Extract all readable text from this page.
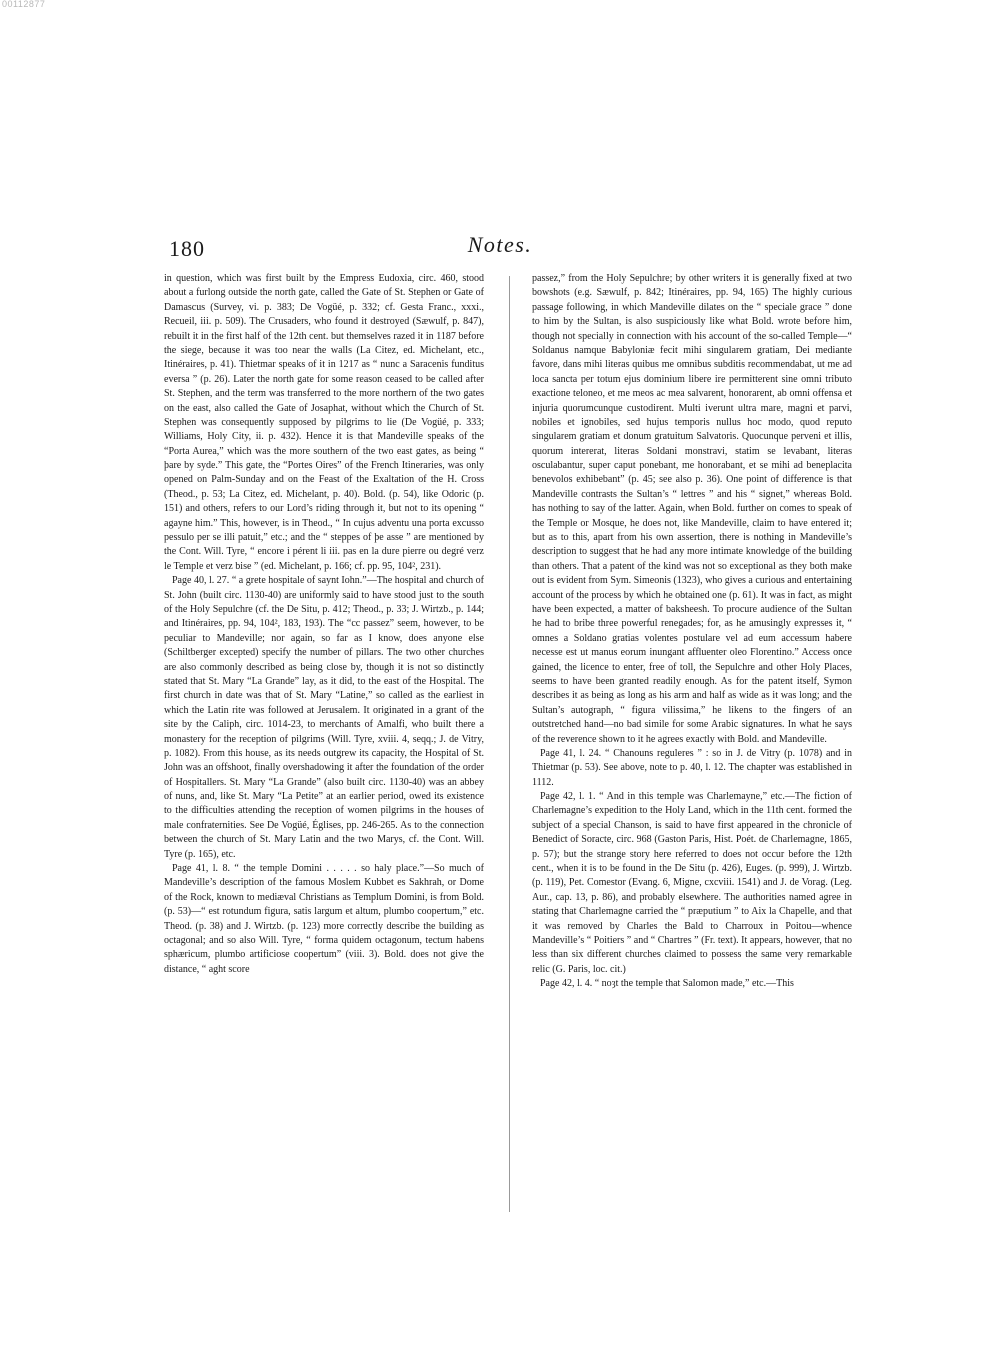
00112877
180	Notes.

in question, which was first built by the Empress Eudoxia, circ. 460, stood about a furlong outside the north gate, called the Gate of St. Stephen or Gate of Damascus (Survey, vi. p. 383; De Vogüé, p. 332; cf. Gesta Franc., xxxi., Recueil, iii. p. 509). The Crusaders, who found it destroyed (Sæwulf, p. 847), rebuilt it in the first half of the 12th cent. but themselves razed it in 1187 before the siege, because it was too near the walls (La Citez, ed. Michelant, etc., Itinéraires, p. 41). Thietmar speaks of it in 1217 as “ nunc a Saracenis funditus eversa ” (p. 26). Later the north gate for some reason ceased to be called after St. Stephen, and the term was transferred to the more northern of the two gates on the east, also called the Gate of Josaphat, without which the Church of St. Stephen was consequently supposed by pilgrims to lie (De Vogüé, p. 333; Williams, Holy City, ii. p. 432). Hence it is that Mandeville speaks of the “Porta Aurea,” which was the more southern of the two east gates, as being “ þare by syde.” This gate, the “Portes Oires” of the French Itineraries, was only opened on Palm-Sunday and on the Feast of the Exaltation of the H. Cross (Theod., p. 53; La Citez, ed. Michelant, p. 40). Bold. (p. 54), like Odoric (p. 151) and others, refers to our Lord’s riding through it, but not to its opening “ agayne him.” This, however, is in Theod., “ In cujus adventu una porta excusso pessulo per se illi patuit,” etc.; and the “ steppes of þe asse ” are mentioned by the Cont. Will. Tyre, “ encore i pérent li iii. pas en la dure pierre ou degré verz le Temple et verz bise ” (ed. Michelant, p. 166; cf. pp. 95, 104², 231).

Page 40, l. 27. “ a grete hospitale of saynt Iohn.”—The hospital and church of St. John (built circ. 1130-40) are uniformly said to have stood just to the south of the Holy Sepulchre (cf. the De Situ, p. 412; Theod., p. 33; J. Wirtzb., p. 144; and Itinéraires, pp. 94, 104², 183, 193). The “cc passez” seem, however, to be peculiar to Mandeville; nor again, so far as I know, does anyone else (Schiltberger excepted) specify the number of pillars. The two other churches are also commonly described as being close by, though it is not so distinctly stated that St. Mary “La Grande” lay, as it did, to the east of the Hospital. The first church in date was that of St. Mary “Latine,” so called as the earliest in which the Latin rite was followed at Jerusalem. It originated in a grant of the site by the Caliph, circ. 1014-23, to merchants of Amalfi, who built there a monastery for the reception of pilgrims (Will. Tyre, xviii. 4, seqq.; J. de Vitry, p. 1082). From this house, as its needs outgrew its capacity, the Hospital of St. John was an offshoot, finally overshadowing it after the foundation of the order of Hospitallers. St. Mary “La Grande” (also built circ. 1130-40) was an abbey of nuns, and, like St. Mary “La Petite” at an earlier period, owed its existence to the difficulties attending the reception of women pilgrims in the houses of male confraternities. See De Vogüé, Églises, pp. 246-265. As to the connection between the church of St. Mary Latin and the two Marys, cf. the Cont. Will. Tyre (p. 165), etc.

Page 41, l. 8. “ the temple Domini . . . . . so haly place.”—So much of Mandeville’s description of the famous Moslem Kubbet es Sakhrah, or Dome of the Rock, known to mediæval Christians as Templum Domini, is from Bold. (p. 53)—“ est rotundum figura, satis largum et altum, plumbo coopertum,” etc. Theod. (p. 38) and J. Wirtzb. (p. 123) more correctly describe the building as octagonal; and so also Will. Tyre, “ forma quidem octagonum, tectum habens sphæricum, plumbo artificiose coopertum” (viii. 3). Bold. does not give the distance, “ aght score

passez,” from the Holy Sepulchre; by other writers it is generally fixed at two bowshots (e.g. Sæwulf, p. 842; Itinéraires, pp. 94, 165) The highly curious passage following, in which Mandeville dilates on the “ speciale grace ” done to him by the Sultan, is also suspiciously like what Bold. wrote before him, though not specially in connection with his account of the so-called Temple—“ Soldanus namque Babyloniæ fecit mihi singularem gratiam, Dei mediante favore, dans mihi literas quibus me omnibus subditis recommendabat, ut me ad loca sancta per totum ejus dominium libere ire permitterent sine omni tributo exactione teloneo, et me meos ac mea salvarent, honorarent, ab omni offensa et injuria quorumcunque custodirent. Multi iverunt ultra mare, magni et parvi, nobiles et ignobiles, sed hujus temporis nullus hoc modo, quod reputo singularem gratiam et donum gratuitum Salvatoris. Quocunque perveni et illis, quorum intererat, literas Soldani monstravi, statim se levabant, literas osculabantur, super caput ponebant, me honorabant, et se mihi ad beneplacita benevolos exhibebant” (p. 45; see also p. 36). One point of difference is that Mandeville contrasts the Sultan’s “ lettres ” and his “ signet,” whereas Bold. has nothing to say of the latter. Again, when Bold. further on comes to speak of the Temple or Mosque, he does not, like Mandeville, claim to have entered it; but as to this, apart from his own assertion, there is nothing in Mandeville’s description to suggest that he had any more intimate knowledge of the building than others. That a patent of the kind was not so exceptional as they both make out is evident from Sym. Simeonis (1323), who gives a curious and entertaining account of the process by which he obtained one (p. 61). It was in fact, as might have been expected, a matter of baksheesh. To procure audience of the Sultan he had to bribe three powerful renegades; for, as he amusingly expresses it, “ omnes a Soldano gratias volentes postulare vel ad eum accessum habere necesse est ut manus eorum inungant affluenter oleo Florentino.” Access once gained, the licence to enter, free of toll, the Sepulchre and other Holy Places, seems to have been granted readily enough. As for the patent itself, Symon describes it as being as long as his arm and half as wide as it was long; and the Sultan’s autograph, “ figura vilissima,” he likens to the fingers of an outstretched hand—no bad simile for some Arabic signatures. In what he says of the reverence shown to it he agrees exactly with Bold. and Mandeville.

Page 41, l. 24. “ Chanouns reguleres ” : so in J. de Vitry (p. 1078) and in Thietmar (p. 53). See above, note to p. 40, l. 12. The chapter was established in 1112.

Page 42, l. 1. “ And in this temple was Charlemayne,” etc.—The fiction of Charlemagne’s expedition to the Holy Land, which in the 11th cent. formed the subject of a special Chanson, is said to have first appeared in the chronicle of Benedict of Soracte, circ. 968 (Gaston Paris, Hist. Poét. de Charlemagne, 1865, p. 57); but the strange story here referred to does not occur before the 12th cent., when it is to be found in the De Situ (p. 426), Euges. (p. 999), J. Wirtzb. (p. 119), Pet. Comestor (Evang. 6, Migne, cxcviii. 1541) and J. de Vorag. (Leg. Aur., cap. 13, p. 86), and probably elsewhere. The authorities named agree in stating that Charlemagne carried the “ præputium ” to Aix la Chapelle, and that it was removed by Charles the Bald to Charroux in Poitou—whence Mandeville’s “ Poitiers ” and “ Chartres ” (Fr. text). It appears, however, that no less than six different churches claimed to possess the same very remarkable relic (G. Paris, loc. cit.)

Page 42, l. 4. “ noȝt the temple that Salomon made,” etc.—This
